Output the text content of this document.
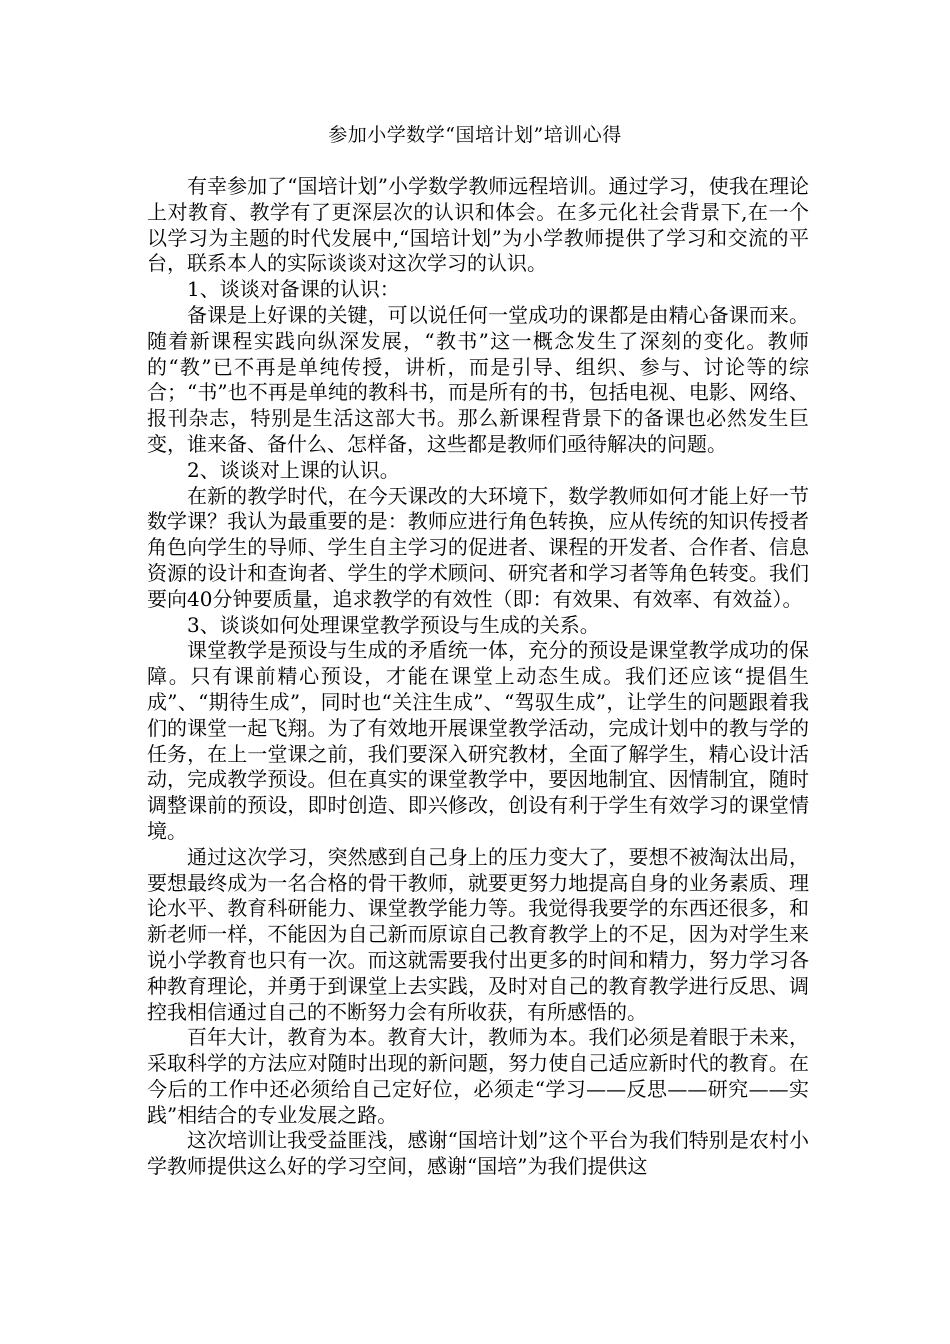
参加小学数学“国培计划”培训心得

有幸参加了“国培计划”小学数学教师远程培训。通过学习，使我在理论上对教育、教学有了更深层次的认识和体会。在多元化社会背景下,在一个以学习为主题的时代发展中,“国培计划”为小学教师提供了学习和交流的平台，联系本人的实际谈谈对这次学习的认识。

1、谈谈对备课的认识：

备课是上好课的关键，可以说任何一堂成功的课都是由精心备课而来。随着新课程实践向纵深发展，“教书”这一概念发生了深刻的变化。教师的“教”已不再是单纯传授，讲析，而是引导、组织、参与、讨论等的综合；“书”也不再是单纯的教科书，而是所有的书，包括电视、电影、网络、报刊杂志，特别是生活这部大书。那么新课程背景下的备课也必然发生巨变，谁来备、备什么、怎样备，这些都是教师们亟待解决的问题。

2、谈谈对上课的认识。

在新的教学时代，在今天课改的大环境下，数学教师如何才能上好一节数学课？我认为最重要的是：教师应进行角色转换，应从传统的知识传授者角色向学生的导师、学生自主学习的促进者、课程的开发者、合作者、信息资源的设计和查询者、学生的学术顾问、研究者和学习者等角色转变。我们要向40分钟要质量，追求教学的有效性（即：有效果、有效率、有效益）。

3、谈谈如何处理课堂教学预设与生成的关系。

课堂教学是预设与生成的矛盾统一体，充分的预设是课堂教学成功的保障。只有课前精心预设，才能在课堂上动态生成。我们还应该“提倡生成”、“期待生成”，同时也“关注生成”、“驾驭生成”，让学生的问题跟着我们的课堂一起飞翔。为了有效地开展课堂教学活动，完成计划中的教与学的任务，在上一堂课之前，我们要深入研究教材，全面了解学生，精心设计活动，完成教学预设。但在真实的课堂教学中，要因地制宜、因情制宜，随时调整课前的预设，即时创造、即兴修改，创设有利于学生有效学习的课堂情境。

通过这次学习，突然感到自己身上的压力变大了，要想不被淘汰出局，要想最终成为一名合格的骨干教师，就要更努力地提高自身的业务素质、理论水平、教育科研能力、课堂教学能力等。我觉得我要学的东西还很多，和新老师一样，不能因为自己新而原谅自己教育教学上的不足，因为对学生来说小学教育也只有一次。而这就需要我付出更多的时间和精力，努力学习各种教育理论，并勇于到课堂上去实践，及时对自己的教育教学进行反思、调控我相信通过自己的不断努力会有所收获，有所感悟的。

百年大计，教育为本。教育大计，教师为本。我们必须是着眼于未来，采取科学的方法应对随时出现的新问题，努力使自己适应新时代的教育。在今后的工作中还必须给自己定好位，必须走“学习——反思——研究——实践”相结合的专业发展之路。

这次培训让我受益匪浅，感谢“国培计划”这个平台为我们特别是农村小学教师提供这么好的学习空间，感谢“国培”为我们提供这
